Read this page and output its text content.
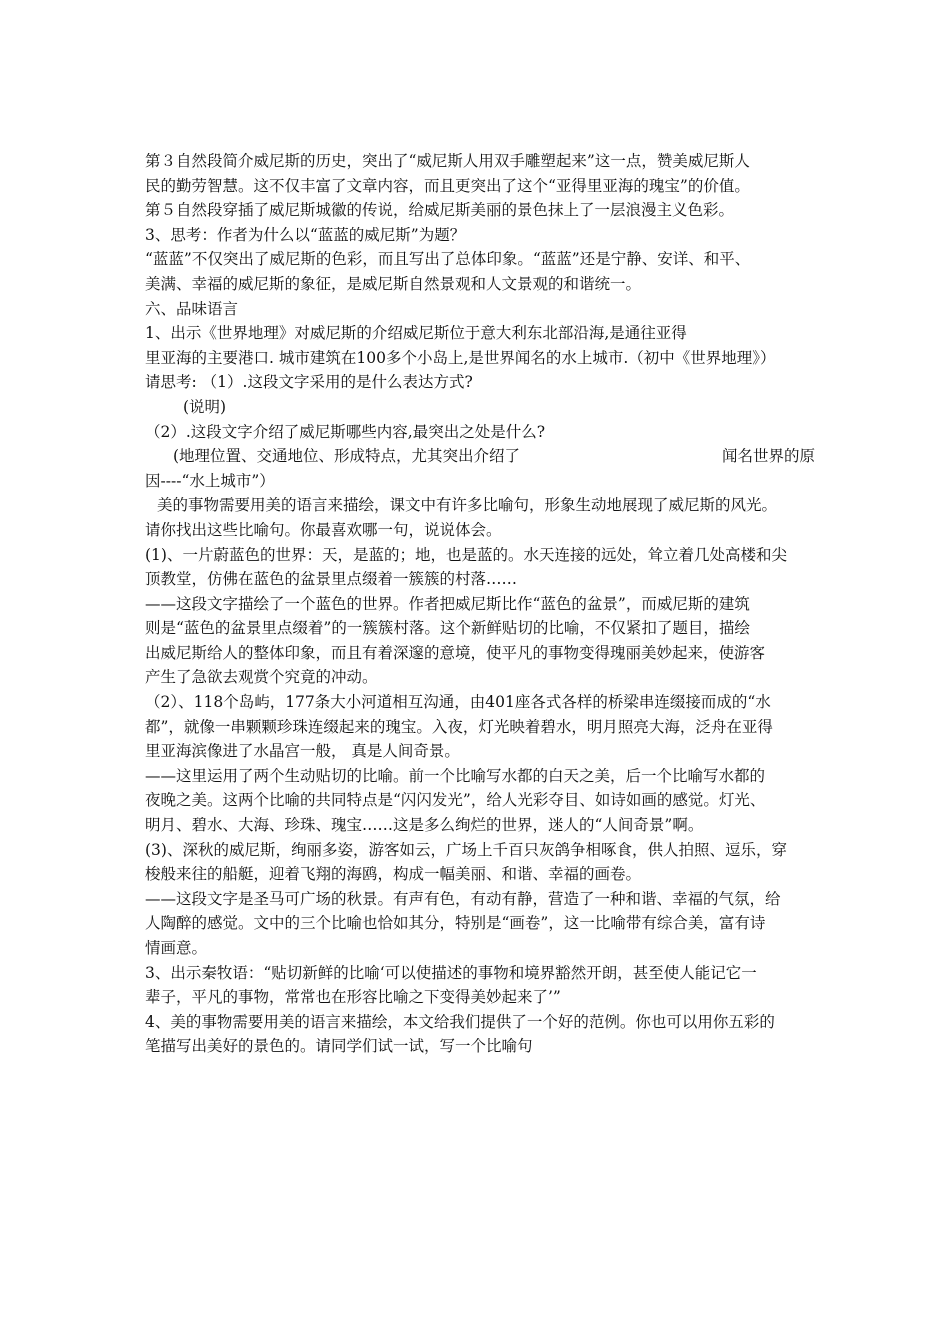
第３自然段简介威尼斯的历史，突出了“威尼斯人用双手雕塑起来”这一点，赞美威尼斯人
民的勤劳智慧。这不仅丰富了文章内容，而且更突出了这个“亚得里亚海的瑰宝”的价值。
第５自然段穿插了威尼斯城徽的传说，给威尼斯美丽的景色抹上了一层浪漫主义色彩。
3、思考：作者为什么以“蓝蓝的威尼斯”为题？
“蓝蓝”不仅突出了威尼斯的色彩，而且写出了总体印象。“蓝蓝”还是宁静、安详、和平、
美满、幸福的威尼斯的象征，是威尼斯自然景观和人文景观的和谐统一。
六、品味语言
1、出示《世界地理》对威尼斯的介绍威尼斯位于意大利东北部沿海,是通往亚得
里亚海的主要港口. 城市建筑在100多个小岛上,是世界闻名的水上城市.（初中《世界地理》）
请思考: （1）.这段文字采用的是什么表达方式?
(说明)
（2）.这段文字介绍了威尼斯哪些内容,最突出之处是什么?
(地理位置、交通地位、形成特点，尤其突出介绍了	闻名世界的原
因----“水上城市”）
美的事物需要用美的语言来描绘，课文中有许多比喻句，形象生动地展现了威尼斯的风光。
请你找出这些比喻句。你最喜欢哪一句，说说体会。
(1)、一片蔚蓝色的世界：天，是蓝的；地，也是蓝的。水天连接的远处，耸立着几处高楼和尖
顶教堂，仿佛在蓝色的盆景里点缀着一簇簇的村落……
——这段文字描绘了一个蓝色的世界。作者把威尼斯比作“蓝色的盆景”，而威尼斯的建筑
则是“蓝色的盆景里点缀着”的一簇簇村落。这个新鲜贴切的比喻，不仅紧扣了题目，描绘
出威尼斯给人的整体印象，而且有着深邃的意境，使平凡的事物变得瑰丽美妙起来，使游客
产生了急欲去观赏个究竟的冲动。
（2）、118个岛屿，177条大小河道相互沟通，由401座各式各样的桥梁串连缀接而成的“水
都”，就像一串颗颗珍珠连缀起来的瑰宝。入夜，灯光映着碧水，明月照亮大海，泛舟在亚得
里亚海滨像进了水晶宫一般， 真是人间奇景。
——这里运用了两个生动贴切的比喻。前一个比喻写水都的白天之美，后一个比喻写水都的
夜晚之美。这两个比喻的共同特点是“闪闪发光”，给人光彩夺目、如诗如画的感觉。灯光、
明月、碧水、大海、珍珠、瑰宝……这是多么绚烂的世界，迷人的“人间奇景”啊。
(3)、深秋的威尼斯，绚丽多姿，游客如云，广场上千百只灰鸽争相啄食，供人拍照、逗乐，穿
梭般来往的船艇，迎着飞翔的海鸥，构成一幅美丽、和谐、幸福的画卷。
——这段文字是圣马可广场的秋景。有声有色，有动有静，营造了一种和谐、幸福的气氛，给
人陶醉的感觉。文中的三个比喻也恰如其分，特别是“画卷”，这一比喻带有综合美，富有诗
情画意。
3、出示秦牧语：“贴切新鲜的比喻‘可以使描述的事物和境界豁然开朗，甚至使人能记它一
辈子，平凡的事物，常常也在形容比喻之下变得美妙起来了’”
4、美的事物需要用美的语言来描绘，本文给我们提供了一个好的范例。你也可以用你五彩的
笔描写出美好的景色的。请同学们试一试，写一个比喻句
